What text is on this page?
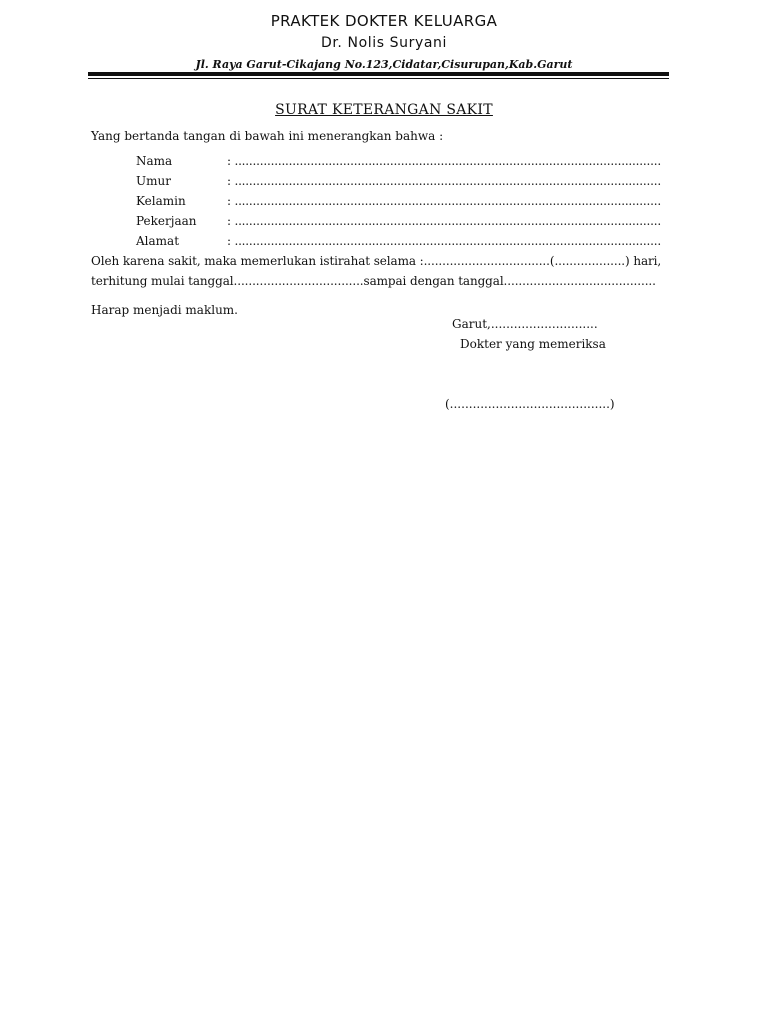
PRAKTEK DOKTER KELUARGA
Dr. Nolis Suryani
Jl. Raya Garut-Cikajang No.123,Cidatar,Cisurupan,Kab.Garut
SURAT KETERANGAN SAKIT
Yang bertanda tangan di bawah ini menerangkan bahwa :
Nama	: ......................................................................................................................
Umur	: ......................................................................................................................
Kelamin	: ......................................................................................................................
Pekerjaan	: ......................................................................................................................
Alamat	: ......................................................................................................................
Oleh karena sakit, maka memerlukan istirahat selama :..................................(...................) hari,
terhitung mulai tanggal...................................sampai dengan tanggal.........................................
Harap menjadi maklum.
Garut,............................
Dokter yang memeriksa
(..........................................)
